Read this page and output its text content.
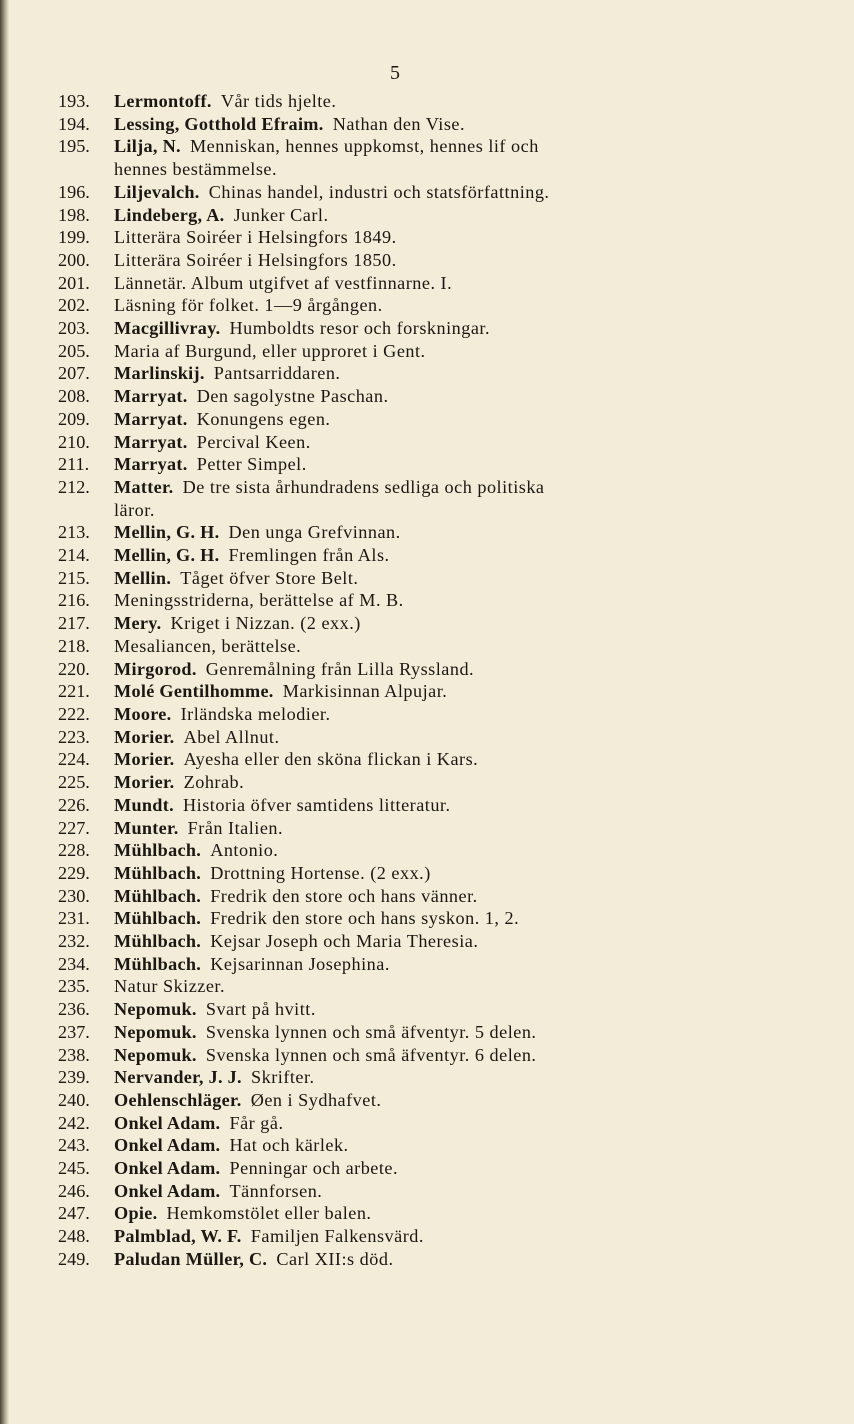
5
193.	Lermontoff.  Vår tids hjelte.
194.	Lessing, Gotthold Efraim.  Nathan den Vise.
195.	Lilja, N.  Menniskan, hennes uppkomst, hennes lif och
hennes bestämmelse.
196.	Liljevalch.  Chinas handel, industri och statsförfattning.
198.	Lindeberg, A.  Junker Carl.
199.	Litterära Soiréer i Helsingfors 1849.
200.	Litterära Soiréer i Helsingfors 1850.
201.	Lännetär. Album utgifvet af vestfinnarne. I.
202.	Läsning för folket. 1—9 årgången.
203.	Macgillivray.  Humboldts resor och forskningar.
205.	Maria af Burgund, eller upproret i Gent.
207.	Marlinskij.  Pantsarriddaren.
208.	Marryat.  Den sagolystne Paschan.
209.	Marryat.  Konungens egen.
210.	Marryat.  Percival Keen.
211.	Marryat.  Petter Simpel.
212.	Matter.  De tre sista århundradens sedliga och politiska
läror.
213.	Mellin, G. H.  Den unga Grefvinnan.
214.	Mellin, G. H.  Fremlingen från Als.
215.	Mellin.  Tåget öfver Store Belt.
216.	Meningsstriderna, berättelse af M. B.
217.	Mery.  Kriget i Nizzan. (2 exx.)
218.	Mesaliancen, berättelse.
220.	Mirgorod.  Genremålning från Lilla Ryssland.
221.	Molé Gentilhomme.  Markisinnan Alpujar.
222.	Moore.  Irländska melodier.
223.	Morier.  Abel Allnut.
224.	Morier.  Ayesha eller den sköna flickan i Kars.
225.	Morier.  Zohrab.
226.	Mundt.  Historia öfver samtidens litteratur.
227.	Munter.  Från Italien.
228.	Mühlbach.  Antonio.
229.	Mühlbach.  Drottning Hortense. (2 exx.)
230.	Mühlbach.  Fredrik den store och hans vänner.
231.	Mühlbach.  Fredrik den store och hans syskon. 1, 2.
232.	Mühlbach.  Kejsar Joseph och Maria Theresia.
234.	Mühlbach.  Kejsarinnan Josephina.
235.	Natur Skizzer.
236.	Nepomuk.  Svart på hvitt.
237.	Nepomuk.  Svenska lynnen och små äfventyr. 5 delen.
238.	Nepomuk.  Svenska lynnen och små äfventyr. 6 delen.
239.	Nervander, J. J.  Skrifter.
240.	Oehlenschläger.  Øen i Sydhafvet.
242.	Onkel Adam.  Får gå.
243.	Onkel Adam.  Hat och kärlek.
245.	Onkel Adam.  Penningar och arbete.
246.	Onkel Adam.  Tännforsen.
247.	Opie.  Hemkomstölet eller balen.
248.	Palmblad, W. F.  Familjen Falkensvärd.
249.	Paludan Müller, C.  Carl XII:s död.
